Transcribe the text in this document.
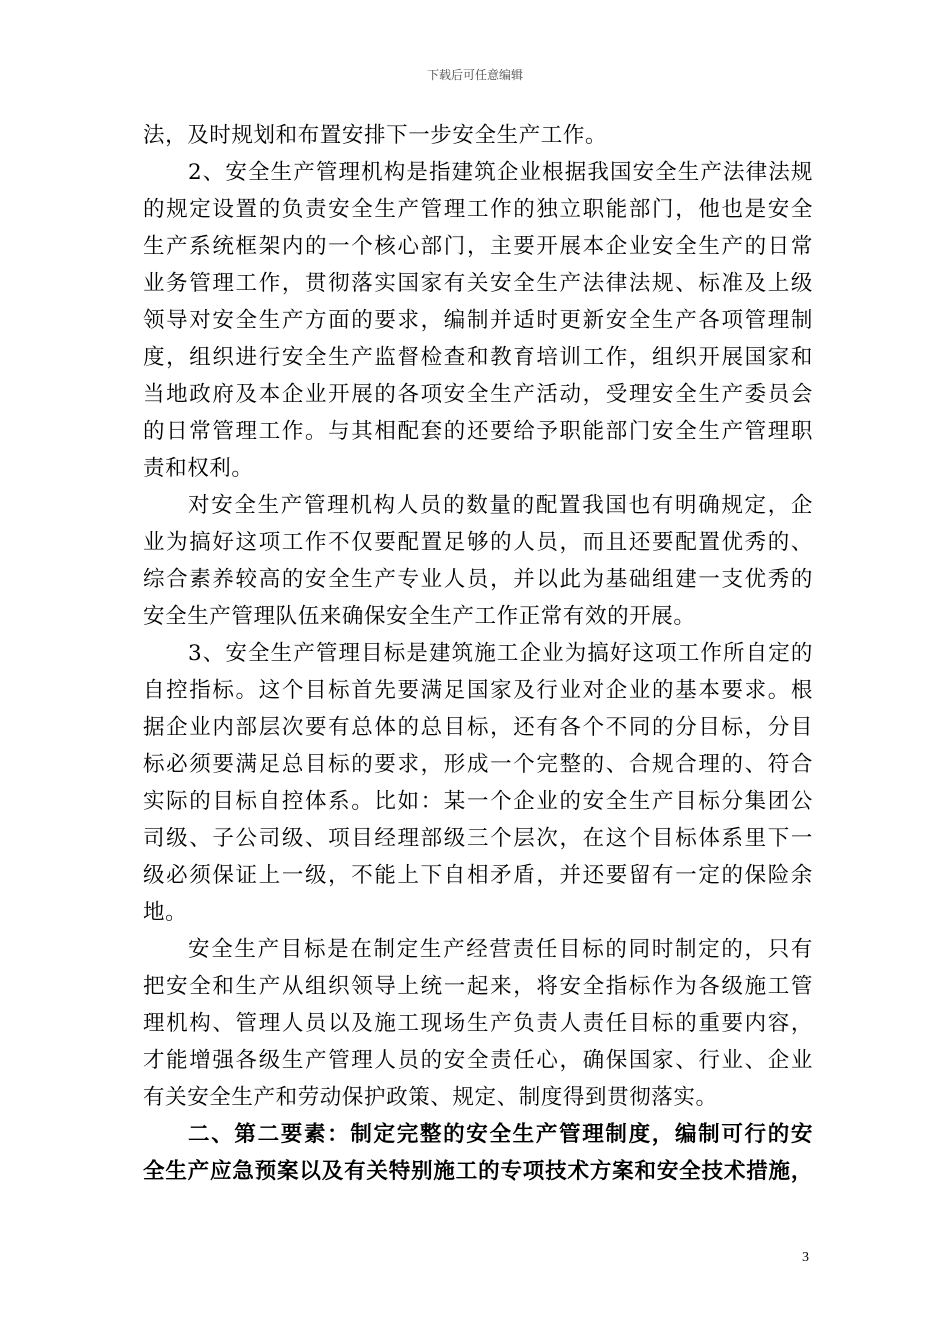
下载后可任意编辑
法，及时规划和布置安排下一步安全生产工作。
2、安全生产管理机构是指建筑企业根据我国安全生产法律法规
的规定设置的负责安全生产管理工作的独立职能部门，他也是安全
生产系统框架内的一个核心部门，主要开展本企业安全生产的日常
业务管理工作，贯彻落实国家有关安全生产法律法规、标准及上级
领导对安全生产方面的要求，编制并适时更新安全生产各项管理制
度，组织进行安全生产监督检查和教育培训工作，组织开展国家和
当地政府及本企业开展的各项安全生产活动，受理安全生产委员会
的日常管理工作。与其相配套的还要给予职能部门安全生产管理职
责和权利。
对安全生产管理机构人员的数量的配置我国也有明确规定，企
业为搞好这项工作不仅要配置足够的人员，而且还要配置优秀的、
综合素养较高的安全生产专业人员，并以此为基础组建一支优秀的
安全生产管理队伍来确保安全生产工作正常有效的开展。
3、安全生产管理目标是建筑施工企业为搞好这项工作所自定的
自控指标。这个目标首先要满足国家及行业对企业的基本要求。根
据企业内部层次要有总体的总目标，还有各个不同的分目标，分目
标必须要满足总目标的要求，形成一个完整的、合规合理的、符合
实际的目标自控体系。比如：某一个企业的安全生产目标分集团公
司级、子公司级、项目经理部级三个层次，在这个目标体系里下一
级必须保证上一级，不能上下自相矛盾，并还要留有一定的保险余
地。
安全生产目标是在制定生产经营责任目标的同时制定的，只有
把安全和生产从组织领导上统一起来，将安全指标作为各级施工管
理机构、管理人员以及施工现场生产负责人责任目标的重要内容，
才能增强各级生产管理人员的安全责任心，确保国家、行业、企业
有关安全生产和劳动保护政策、规定、制度得到贯彻落实。
二、第二要素：制定完整的安全生产管理制度，编制可行的安
全生产应急预案以及有关特别施工的专项技术方案和安全技术措施，
3
